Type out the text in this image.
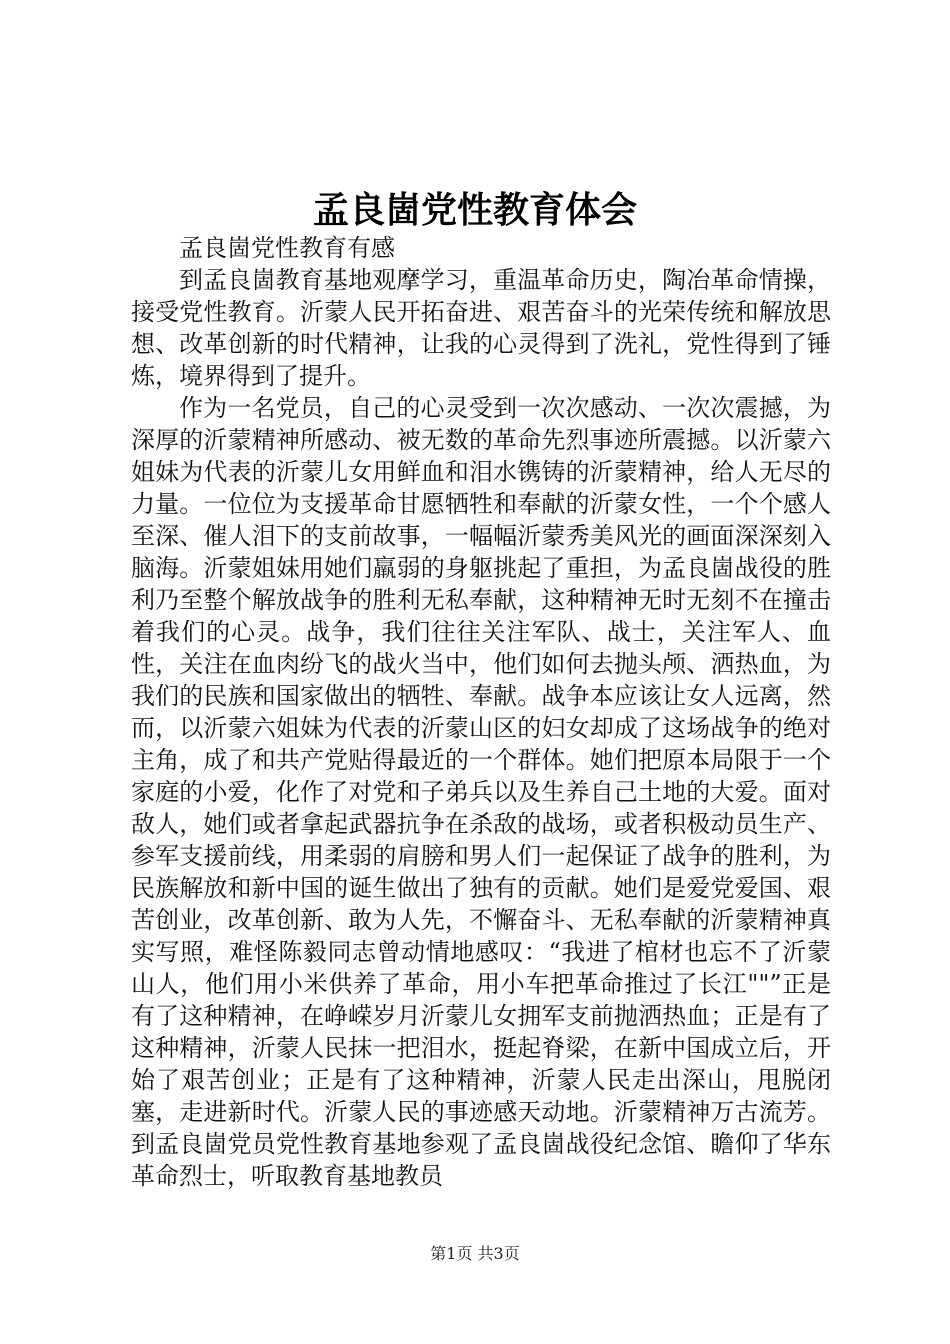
孟良崮党性教育体会

孟良崮党性教育有感

到孟良崮教育基地观摩学习，重温革命历史，陶冶革命情操，接受党性教育。沂蒙人民开拓奋进、艰苦奋斗的光荣传统和解放思想、改革创新的时代精神，让我的心灵得到了洗礼，党性得到了锤炼，境界得到了提升。

作为一名党员，自己的心灵受到一次次感动、一次次震撼，为深厚的沂蒙精神所感动、被无数的革命先烈事迹所震撼。以沂蒙六姐妹为代表的沂蒙儿女用鲜血和泪水镌铸的沂蒙精神，给人无尽的力量。一位位为支援革命甘愿牺牲和奉献的沂蒙女性，一个个感人至深、催人泪下的支前故事，一幅幅沂蒙秀美风光的画面深深刻入脑海。沂蒙姐妹用她们羸弱的身躯挑起了重担，为孟良崮战役的胜利乃至整个解放战争的胜利无私奉献，这种精神无时无刻不在撞击着我们的心灵。战争，我们往往关注军队、战士，关注军人、血性，关注在血肉纷飞的战火当中，他们如何去抛头颅、洒热血，为我们的民族和国家做出的牺牲、奉献。战争本应该让女人远离，然而，以沂蒙六姐妹为代表的沂蒙山区的妇女却成了这场战争的绝对主角，成了和共产党贴得最近的一个群体。她们把原本局限于一个家庭的小爱，化作了对党和子弟兵以及生养自己土地的大爱。面对敌人，她们或者拿起武器抗争在杀敌的战场，或者积极动员生产、参军支援前线，用柔弱的肩膀和男人们一起保证了战争的胜利，为民族解放和新中国的诞生做出了独有的贡献。她们是爱党爱国、艰苦创业，改革创新、敢为人先，不懈奋斗、无私奉献的沂蒙精神真实写照，难怪陈毅同志曾动情地感叹：“我进了棺材也忘不了沂蒙山人，他们用小米供养了革命，用小车把革命推过了长江""”正是有了这种精神，在峥嵘岁月沂蒙儿女拥军支前抛洒热血；正是有了这种精神，沂蒙人民抹一把泪水，挺起脊梁，在新中国成立后，开始了艰苦创业；正是有了这种精神，沂蒙人民走出深山，甩脱闭塞，走进新时代。沂蒙人民的事迹感天动地。沂蒙精神万古流芳。到孟良崮党员党性教育基地参观了孟良崮战役纪念馆、瞻仰了华东革命烈士，听取教育基地教员

第1页 共3页
